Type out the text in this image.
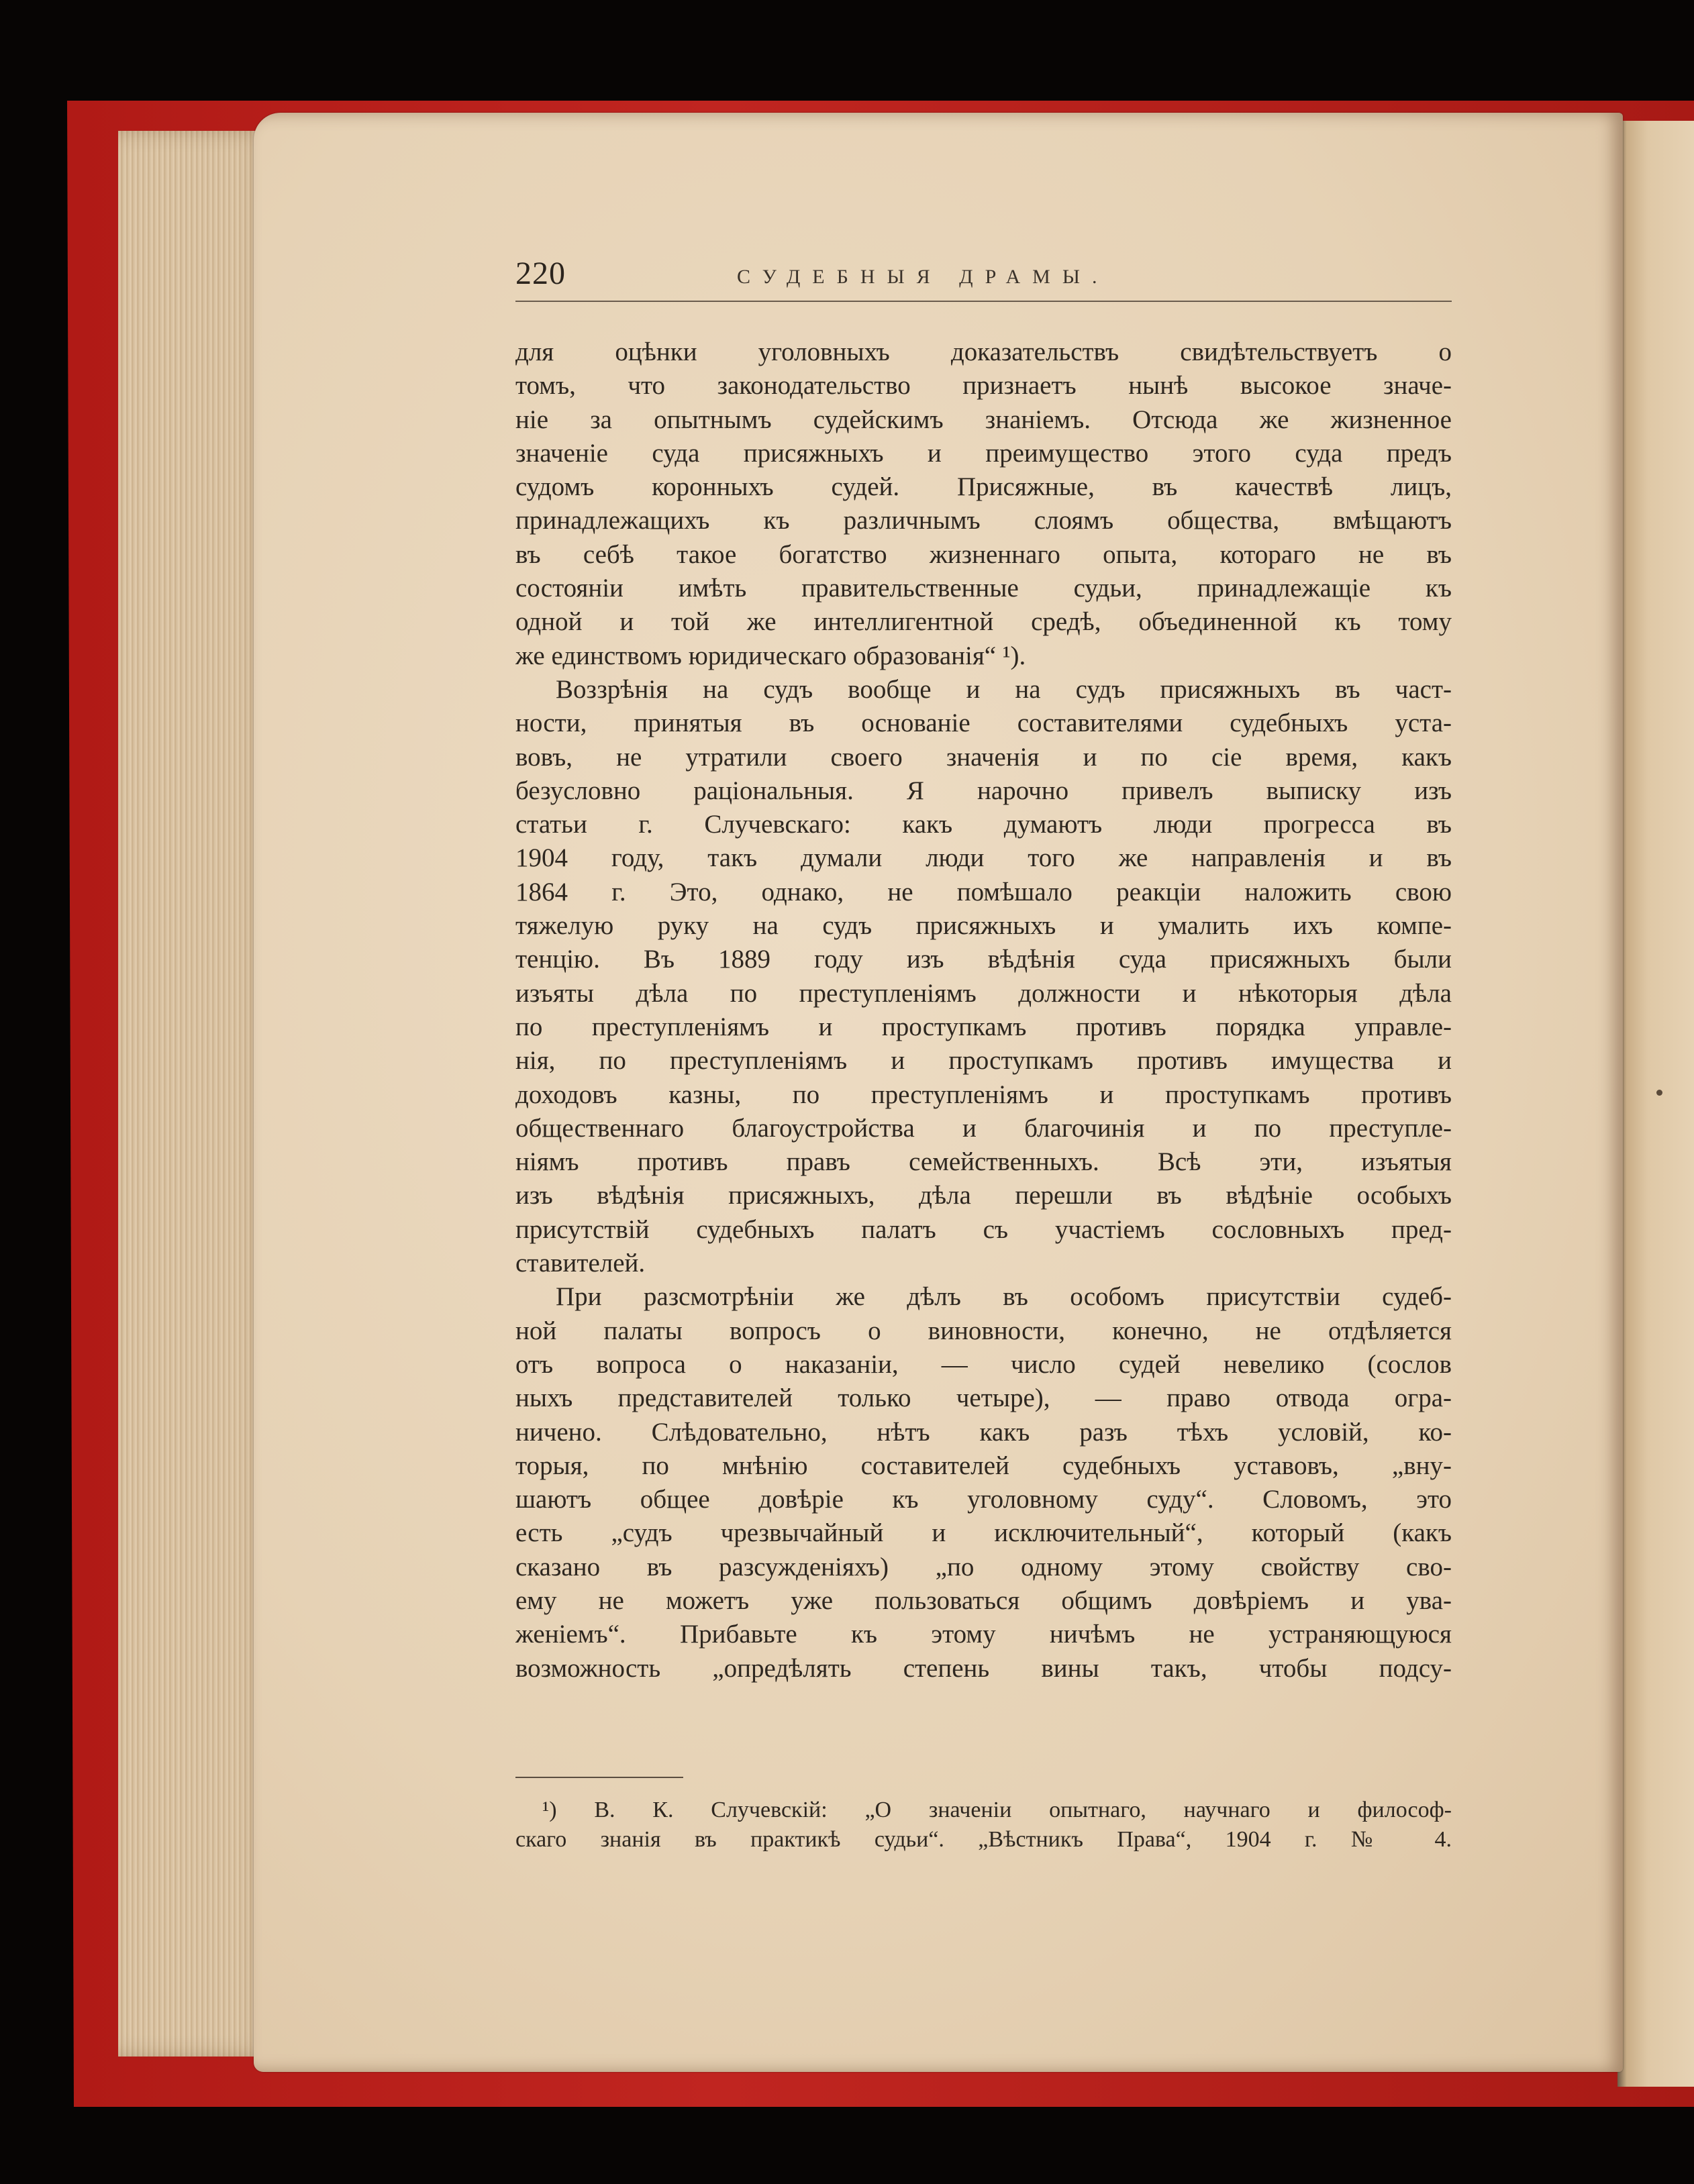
220	СУДЕБНЫЯ ДРАМЫ.
для оцѣнки уголовныхъ доказательствъ свидѣтельствуетъ о
томъ, что законодательство признаетъ нынѣ высокое значе-
ніе за опытнымъ судейскимъ знаніемъ. Отсюда же жизненное
значеніе суда присяжныхъ и преимущество этого суда предъ
судомъ коронныхъ судей. Присяжные, въ качествѣ лицъ,
принадлежащихъ къ различнымъ слоямъ общества, вмѣщаютъ
въ себѣ такое богатство жизненнаго опыта, котораго не въ
состояніи имѣть правительственные судьи, принадлежащіе къ
одной и той же интеллигентной средѣ, объединенной къ тому
же единствомъ юридическаго образованія“ ¹).
Воззрѣнія на судъ вообще и на судъ присяжныхъ въ част-
ности, принятыя въ основаніе составителями судебныхъ уста-
вовъ, не утратили своего значенія и по сіе время, какъ
безусловно раціональныя. Я нарочно привелъ выписку изъ
статьи г. Случевскаго: какъ думаютъ люди прогресса въ
1904 году, такъ думали люди того же направленія и въ
1864 г. Это, однако, не помѣшало реакціи наложить свою
тяжелую руку на судъ присяжныхъ и умалить ихъ компе-
тенцію. Въ 1889 году изъ вѣдѣнія суда присяжныхъ были
изъяты дѣла по преступленіямъ должности и нѣкоторыя дѣла
по преступленіямъ и проступкамъ противъ порядка управле-
нія, по преступленіямъ и проступкамъ противъ имущества и
доходовъ казны, по преступленіямъ и проступкамъ противъ
общественнаго благоустройства и благочинія и по преступле-
ніямъ противъ правъ семейственныхъ. Всѣ эти, изъятыя
изъ вѣдѣнія присяжныхъ, дѣла перешли въ вѣдѣніе особыхъ
присутствій судебныхъ палатъ съ участіемъ сословныхъ пред-
ставителей.
При разсмотрѣніи же дѣлъ въ особомъ присутствіи судеб-
ной палаты вопросъ о виновности, конечно, не отдѣляется
отъ вопроса о наказаніи, — число судей невелико (сослов
ныхъ представителей только четыре), — право отвода огра-
ничено. Слѣдовательно, нѣтъ какъ разъ тѣхъ условій, ко-
торыя, по мнѣнію составителей судебныхъ уставовъ, „вну-
шаютъ общее довѣріе къ уголовному суду“. Словомъ, это
есть „судъ чрезвычайный и исключительный“, который (какъ
сказано въ разсужденіяхъ) „по одному этому свойству сво-
ему не можетъ уже пользоваться общимъ довѣріемъ и ува-
женіемъ“. Прибавьте къ этому ничѣмъ не устраняющуюся
возможность „опредѣлять степень вины такъ, чтобы подсу-
¹) В. К. Случевскій: „О значеніи опытнаго, научнаго и философ-
скаго знанія въ практикѣ судьи“. „Вѣстникъ Права“, 1904 г. № 4.
